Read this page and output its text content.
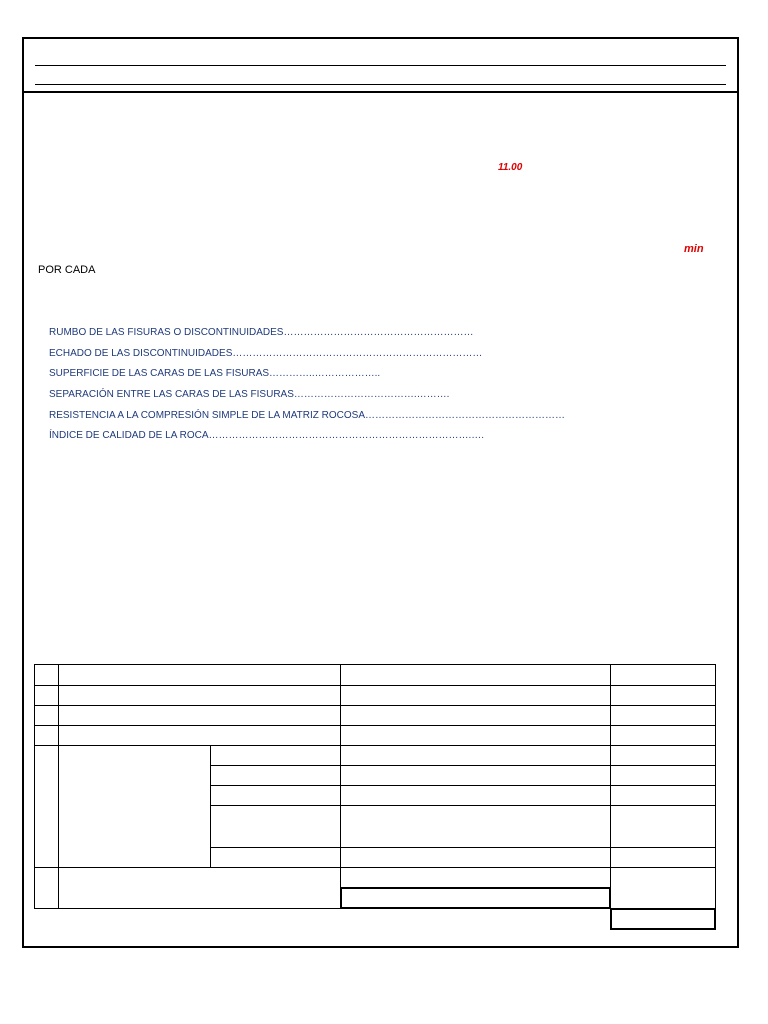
11.00
min
POR CADA
RUMBO DE LAS FISURAS O DISCONTINUIDADES…………………………………………………
ECHADO DE LAS DISCONTINUIDADES…………………………………………………………………
SUPERFICIE DE LAS CARAS DE LAS FISURAS…………..………………..
SEPARACIÓN ENTRE LAS CARAS DE LAS FISURAS……………………………….……….
RESISTENCIA A LA COMPRESIÓN SIMPLE DE LA MATRIZ ROCOSA……………………………………………………
ÍNDICE DE CALIDAD DE LA ROCA…………………………………………………………………….….
